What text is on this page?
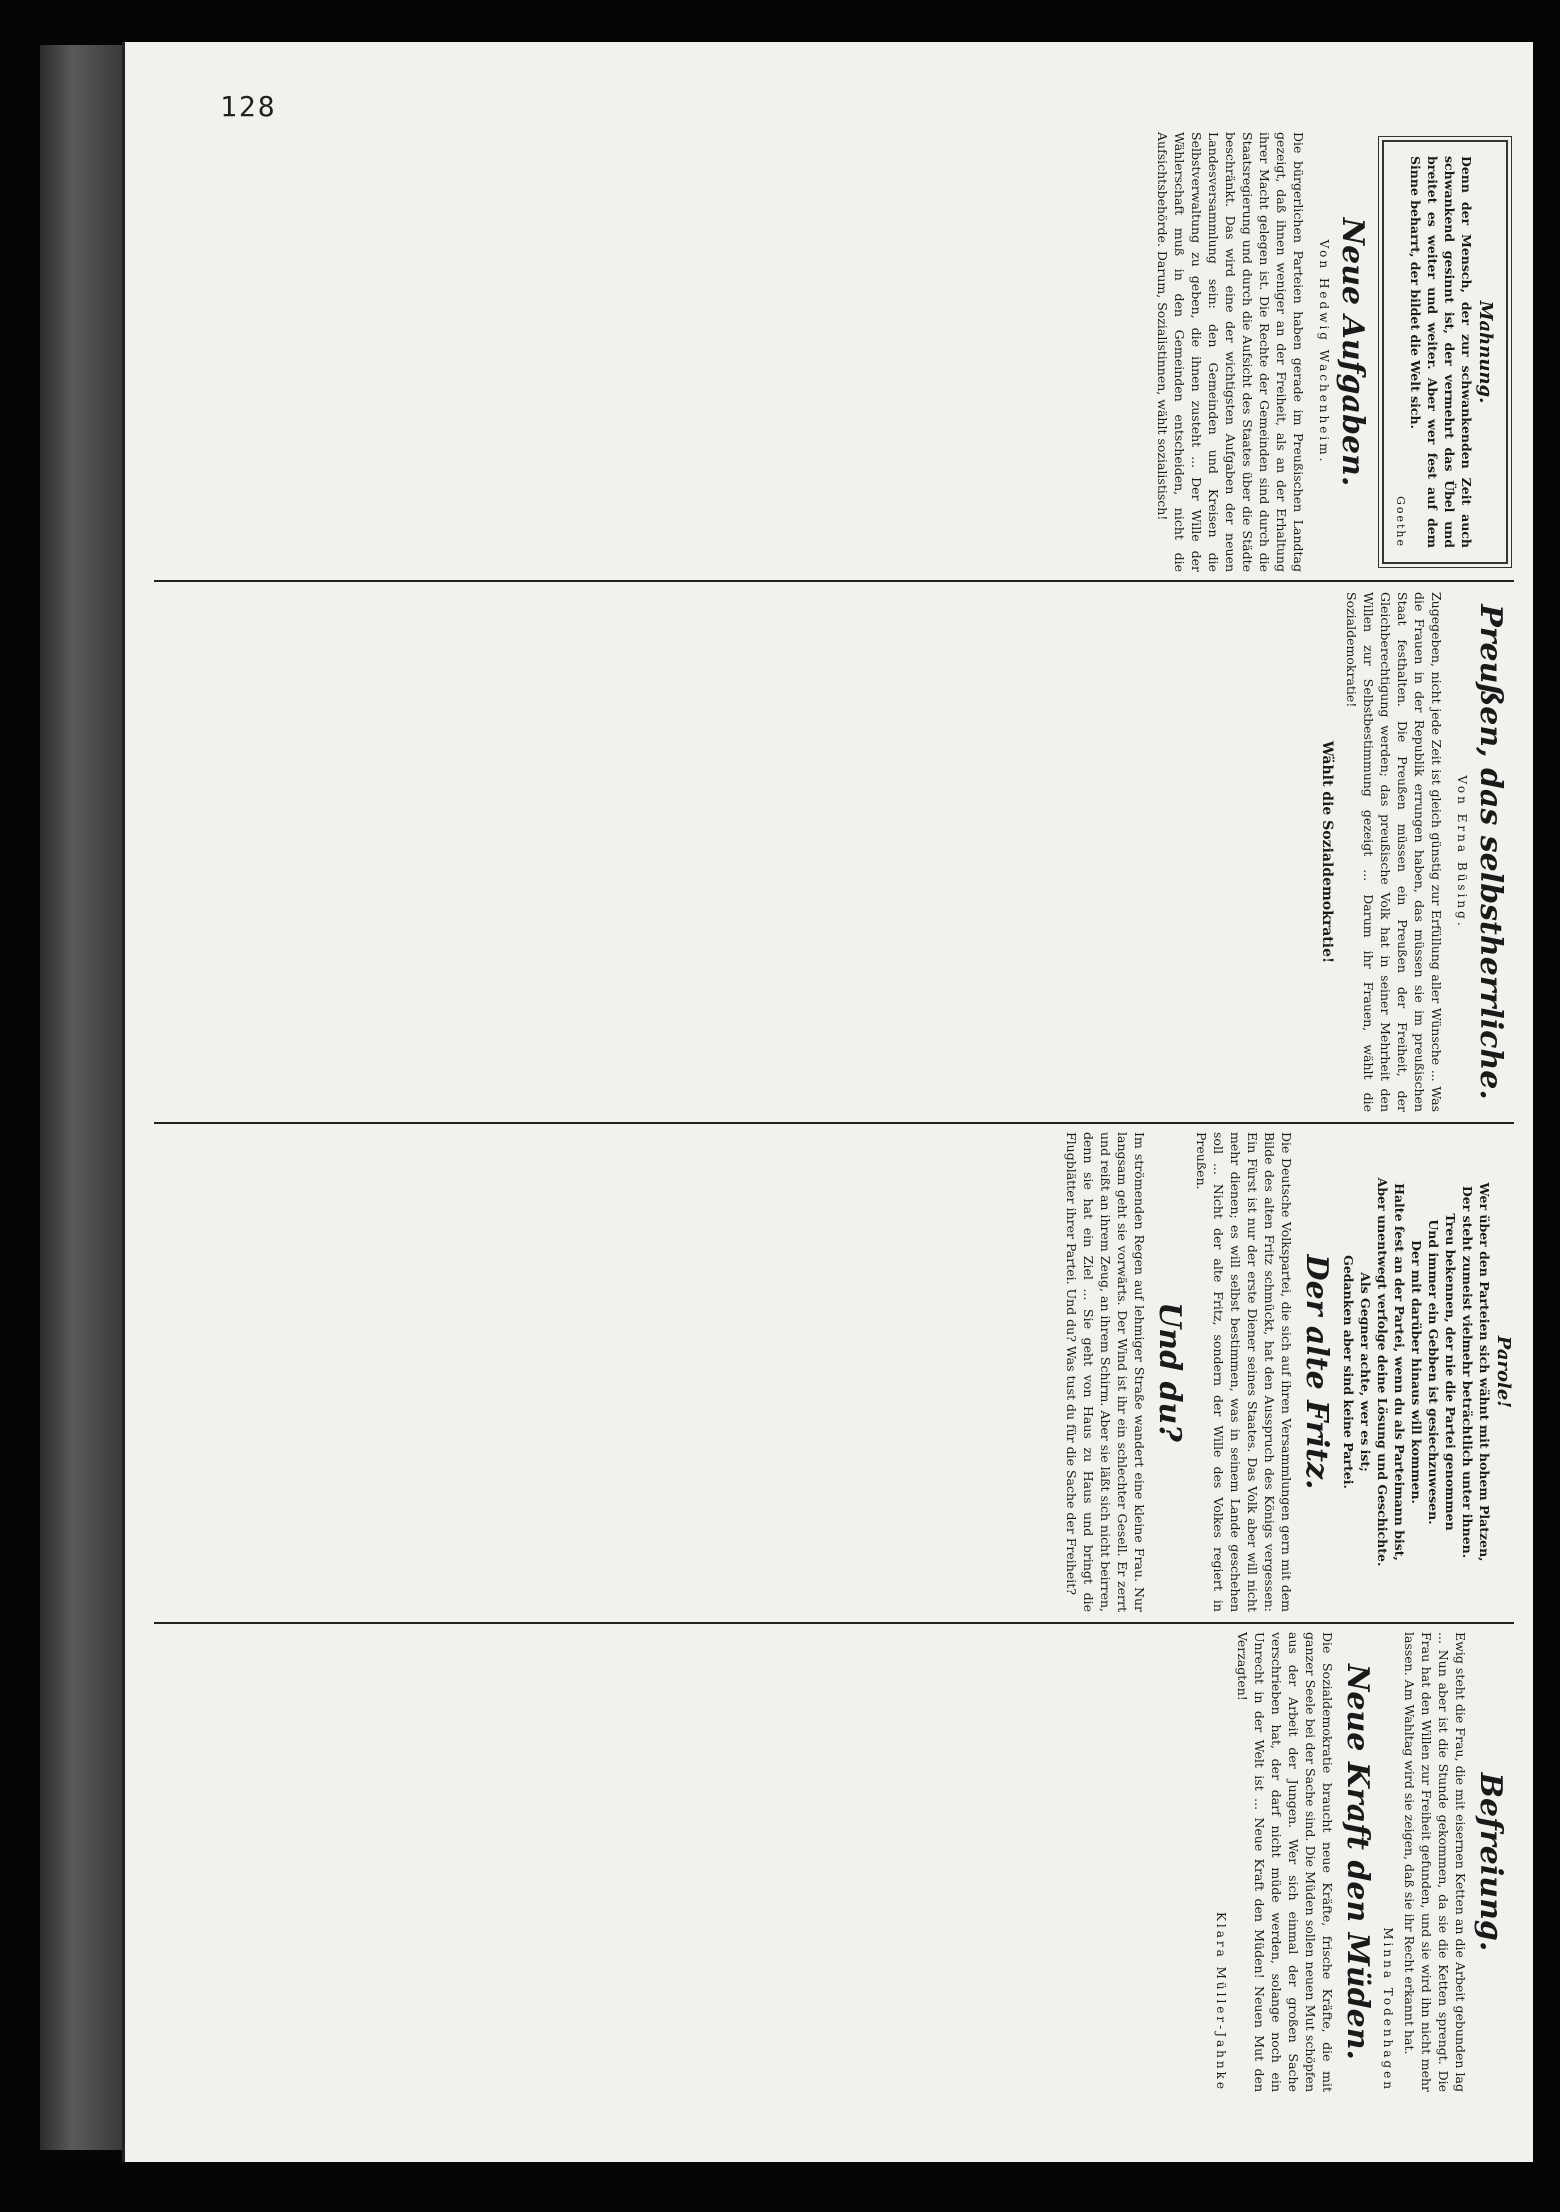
128
Mahnung.
Denn der Mensch, der zur schwankenden Zeit auch schwankend gesinnt ist, der vermehrt das Übel und breitet es weiter und weiter. Aber wer fest auf dem Sinne beharrt, der bildet die Welt sich.
Goethe
Neue Aufgaben.
Von Hedwig Wachenheim.
Die bürgerlichen Parteien haben gerade im Preußischen Landtag gezeigt, daß ihnen weniger an der Freiheit, als an der Erhaltung ihrer Macht gelegen ist. Die Rechte der Gemeinden sind durch die Staatsregierung und durch die Aufsicht des Staates über die Städte beschränkt. Das wird eine der wichtigsten Aufgaben der neuen Landesversammlung sein: den Gemeinden und Kreisen die Selbstverwaltung zu geben, die ihnen zusteht ... Der Wille der Wählerschaft muß in den Gemeinden entscheiden, nicht die Aufsichtsbehörde. Darum, Sozialistinnen, wählt sozialistisch!
Preußen, das selbstherrliche.
Von Erna Büsing.
Zugegeben, nicht jede Zeit ist gleich günstig zur Erfüllung aller Wünsche ... Was die Frauen in der Republik errungen haben, das müssen sie im preußischen Staat festhalten. Die Preußen müssen ein Preußen der Freiheit, der Gleichberechtigung werden; das preußische Volk hat in seiner Mehrheit den Willen zur Selbstbestimmung gezeigt ... Darum ihr Frauen, wählt die Sozialdemokratie!
Wählt die Sozialdemokratie!
Parole!
Wer über den Parteien sich wähnt mit hohem Platzen,
Der steht zumeist vielmehr beträchtlich unter ihnen.
Treu bekennen, der nie die Partei genommen
Und immer ein Gebben ist gesiechzuwesen.
Der mit darüber hinaus will kommen.
Halte fest an der Partei, wenn du als Parteimann bist,
Aber unentwegt verfolge deine Lösung und Geschichte.
Als Gegner achte, wer es ist;
Gedanken aber sind keine Partei.
Der alte Fritz.
Die Deutsche Volkspartei, die sich auf ihren Versammlungen gern mit dem Bilde des alten Fritz schmückt, hat den Ausspruch des Königs vergessen: Ein Fürst ist nur der erste Diener seines Staates. Das Volk aber will nicht mehr dienen; es will selbst bestimmen, was in seinem Lande geschehen soll ... Nicht der alte Fritz, sondern der Wille des Volkes regiert in Preußen.
Und du?
Im strömenden Regen auf lehmiger Straße wandert eine kleine Frau. Nur langsam geht sie vorwärts. Der Wind ist ihr ein schlechter Gesell. Er zerrt und reißt an ihrem Zeug, an ihrem Schirm. Aber sie läßt sich nicht beirren, denn sie hat ein Ziel ... Sie geht von Haus zu Haus und bringt die Flugblätter ihrer Partei. Und du? Was tust du für die Sache der Freiheit?
Befreiung.
Ewig steht die Frau, die mit eisernen Ketten an die Arbeit gebunden lag ... Nun aber ist die Stunde gekommen, da sie die Ketten sprengt. Die Frau hat den Willen zur Freiheit gefunden, und sie wird ihn nicht mehr lassen. Am Wahltag wird sie zeigen, daß sie ihr Recht erkannt hat.
Minna Todenhagen
Neue Kraft den Müden.
Die Sozialdemokratie braucht neue Kräfte, frische Kräfte, die mit ganzer Seele bei der Sache sind. Die Müden sollen neuen Mut schöpfen aus der Arbeit der Jungen. Wer sich einmal der großen Sache verschrieben hat, der darf nicht müde werden, solange noch ein Unrecht in der Welt ist ... Neue Kraft den Müden! Neuen Mut den Verzagten!
Klara Müller-Jahnke
